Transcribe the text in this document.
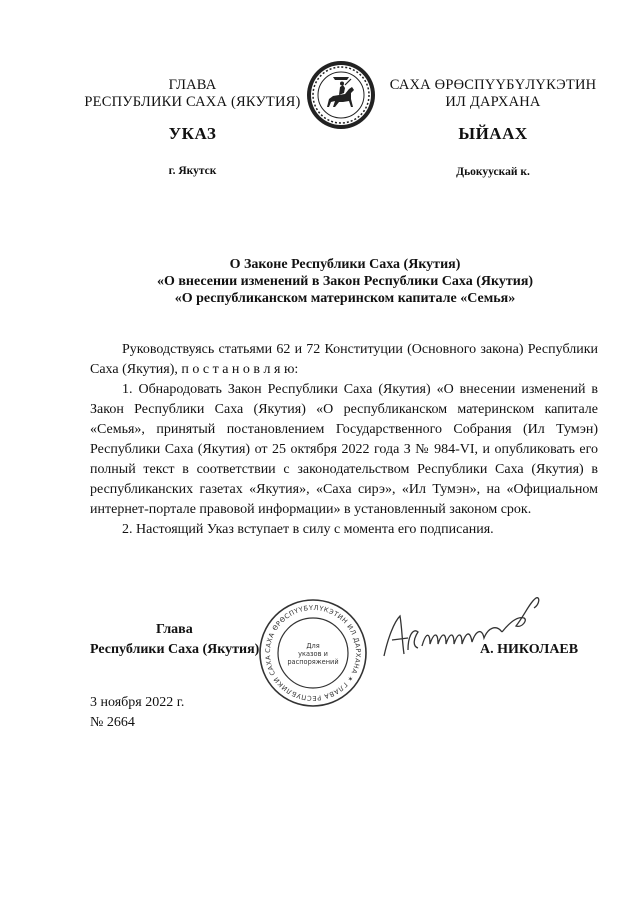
ГЛАВА
РЕСПУБЛИКИ САХА (ЯКУТИЯ)
САХА ӨРӨСПҮҮБҮЛҮКЭТИН
ИЛ ДАРХАНА
УКАЗ	ЫЙААХ
г. Якутск	Дьокуускай к.
О Законе Республики Саха (Якутия)
«О внесении изменений в Закон Республики Саха (Якутия)
«О республиканском материнском капитале «Семья»

Руководствуясь статьями 62 и 72 Конституции (Основного закона) Республики Саха (Якутия), п о с т а н о в л я ю:

1. Обнародовать Закон Республики Саха (Якутия) «О внесении изменений в Закон Республики Саха (Якутия) «О республиканском материнском капитале «Семья», принятый постановлением Государственного Собрания (Ил Тумэн) Республики Саха (Якутия) от 25 октября 2022 года З № 984-VI, и опубликовать его полный текст в соответствии с законодательством Республики Саха (Якутия) в республиканских газетах «Якутия», «Саха сирэ», «Ил Тумэн», на «Официальном интернет-портале правовой информации» в установленный законом срок.

2. Настоящий Указ вступает в силу с момента его подписания.

Глава
Республики Саха (Якутия) САХА ӨРӨСПҮҮБҮЛҮКЭТИН ИЛ ДАРХАНА ✶ ГЛАВА РЕСПУБЛИКИ САХА
Для
указов и
распоряжений
А. НИКОЛАЕВ
3 ноября 2022 г.
№ 2664
